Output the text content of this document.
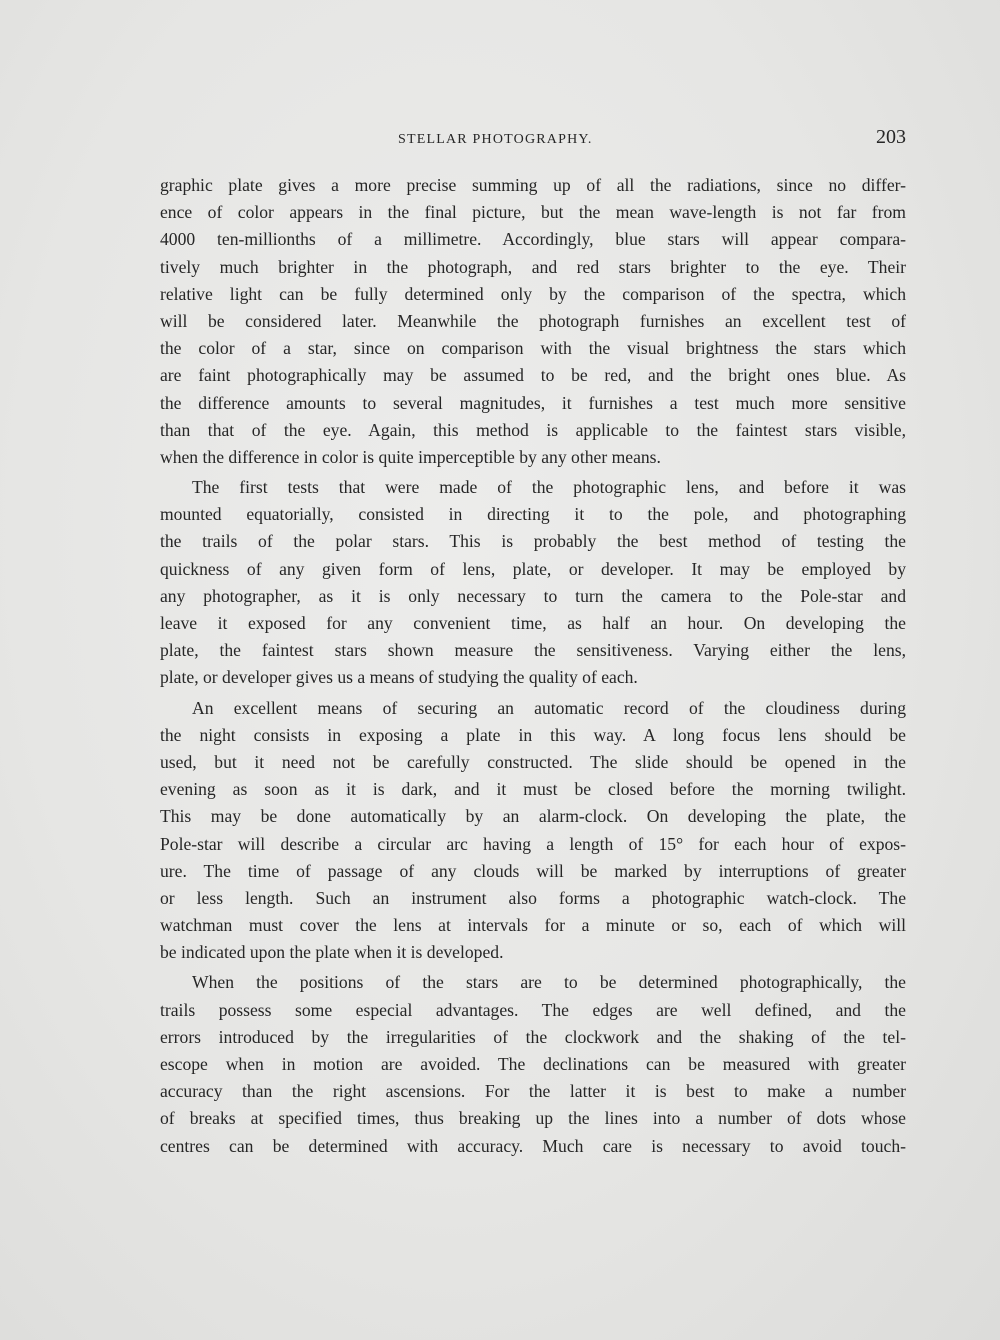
STELLAR PHOTOGRAPHY.	203
graphic plate gives a more precise summing up of all the radiations, since no differ-
ence of color appears in the final picture, but the mean wave-length is not far from
4000 ten-millionths of a millimetre. Accordingly, blue stars will appear compara-
tively much brighter in the photograph, and red stars brighter to the eye. Their
relative light can be fully determined only by the comparison of the spectra, which
will be considered later. Meanwhile the photograph furnishes an excellent test of
the color of a star, since on comparison with the visual brightness the stars which
are faint photographically may be assumed to be red, and the bright ones blue. As
the difference amounts to several magnitudes, it furnishes a test much more sensitive
than that of the eye. Again, this method is applicable to the faintest stars visible,
when the difference in color is quite imperceptible by any other means.
The first tests that were made of the photographic lens, and before it was
mounted equatorially, consisted in directing it to the pole, and photographing
the trails of the polar stars. This is probably the best method of testing the
quickness of any given form of lens, plate, or developer. It may be employed by
any photographer, as it is only necessary to turn the camera to the Pole-star and
leave it exposed for any convenient time, as half an hour. On developing the
plate, the faintest stars shown measure the sensitiveness. Varying either the lens,
plate, or developer gives us a means of studying the quality of each.
An excellent means of securing an automatic record of the cloudiness during
the night consists in exposing a plate in this way. A long focus lens should be
used, but it need not be carefully constructed. The slide should be opened in the
evening as soon as it is dark, and it must be closed before the morning twilight.
This may be done automatically by an alarm-clock. On developing the plate, the
Pole-star will describe a circular arc having a length of 15° for each hour of expos-
ure. The time of passage of any clouds will be marked by interruptions of greater
or less length. Such an instrument also forms a photographic watch-clock. The
watchman must cover the lens at intervals for a minute or so, each of which will
be indicated upon the plate when it is developed.
When the positions of the stars are to be determined photographically, the
trails possess some especial advantages. The edges are well defined, and the
errors introduced by the irregularities of the clockwork and the shaking of the tel-
escope when in motion are avoided. The declinations can be measured with greater
accuracy than the right ascensions. For the latter it is best to make a number
of breaks at specified times, thus breaking up the lines into a number of dots whose
centres can be determined with accuracy. Much care is necessary to avoid touch-
